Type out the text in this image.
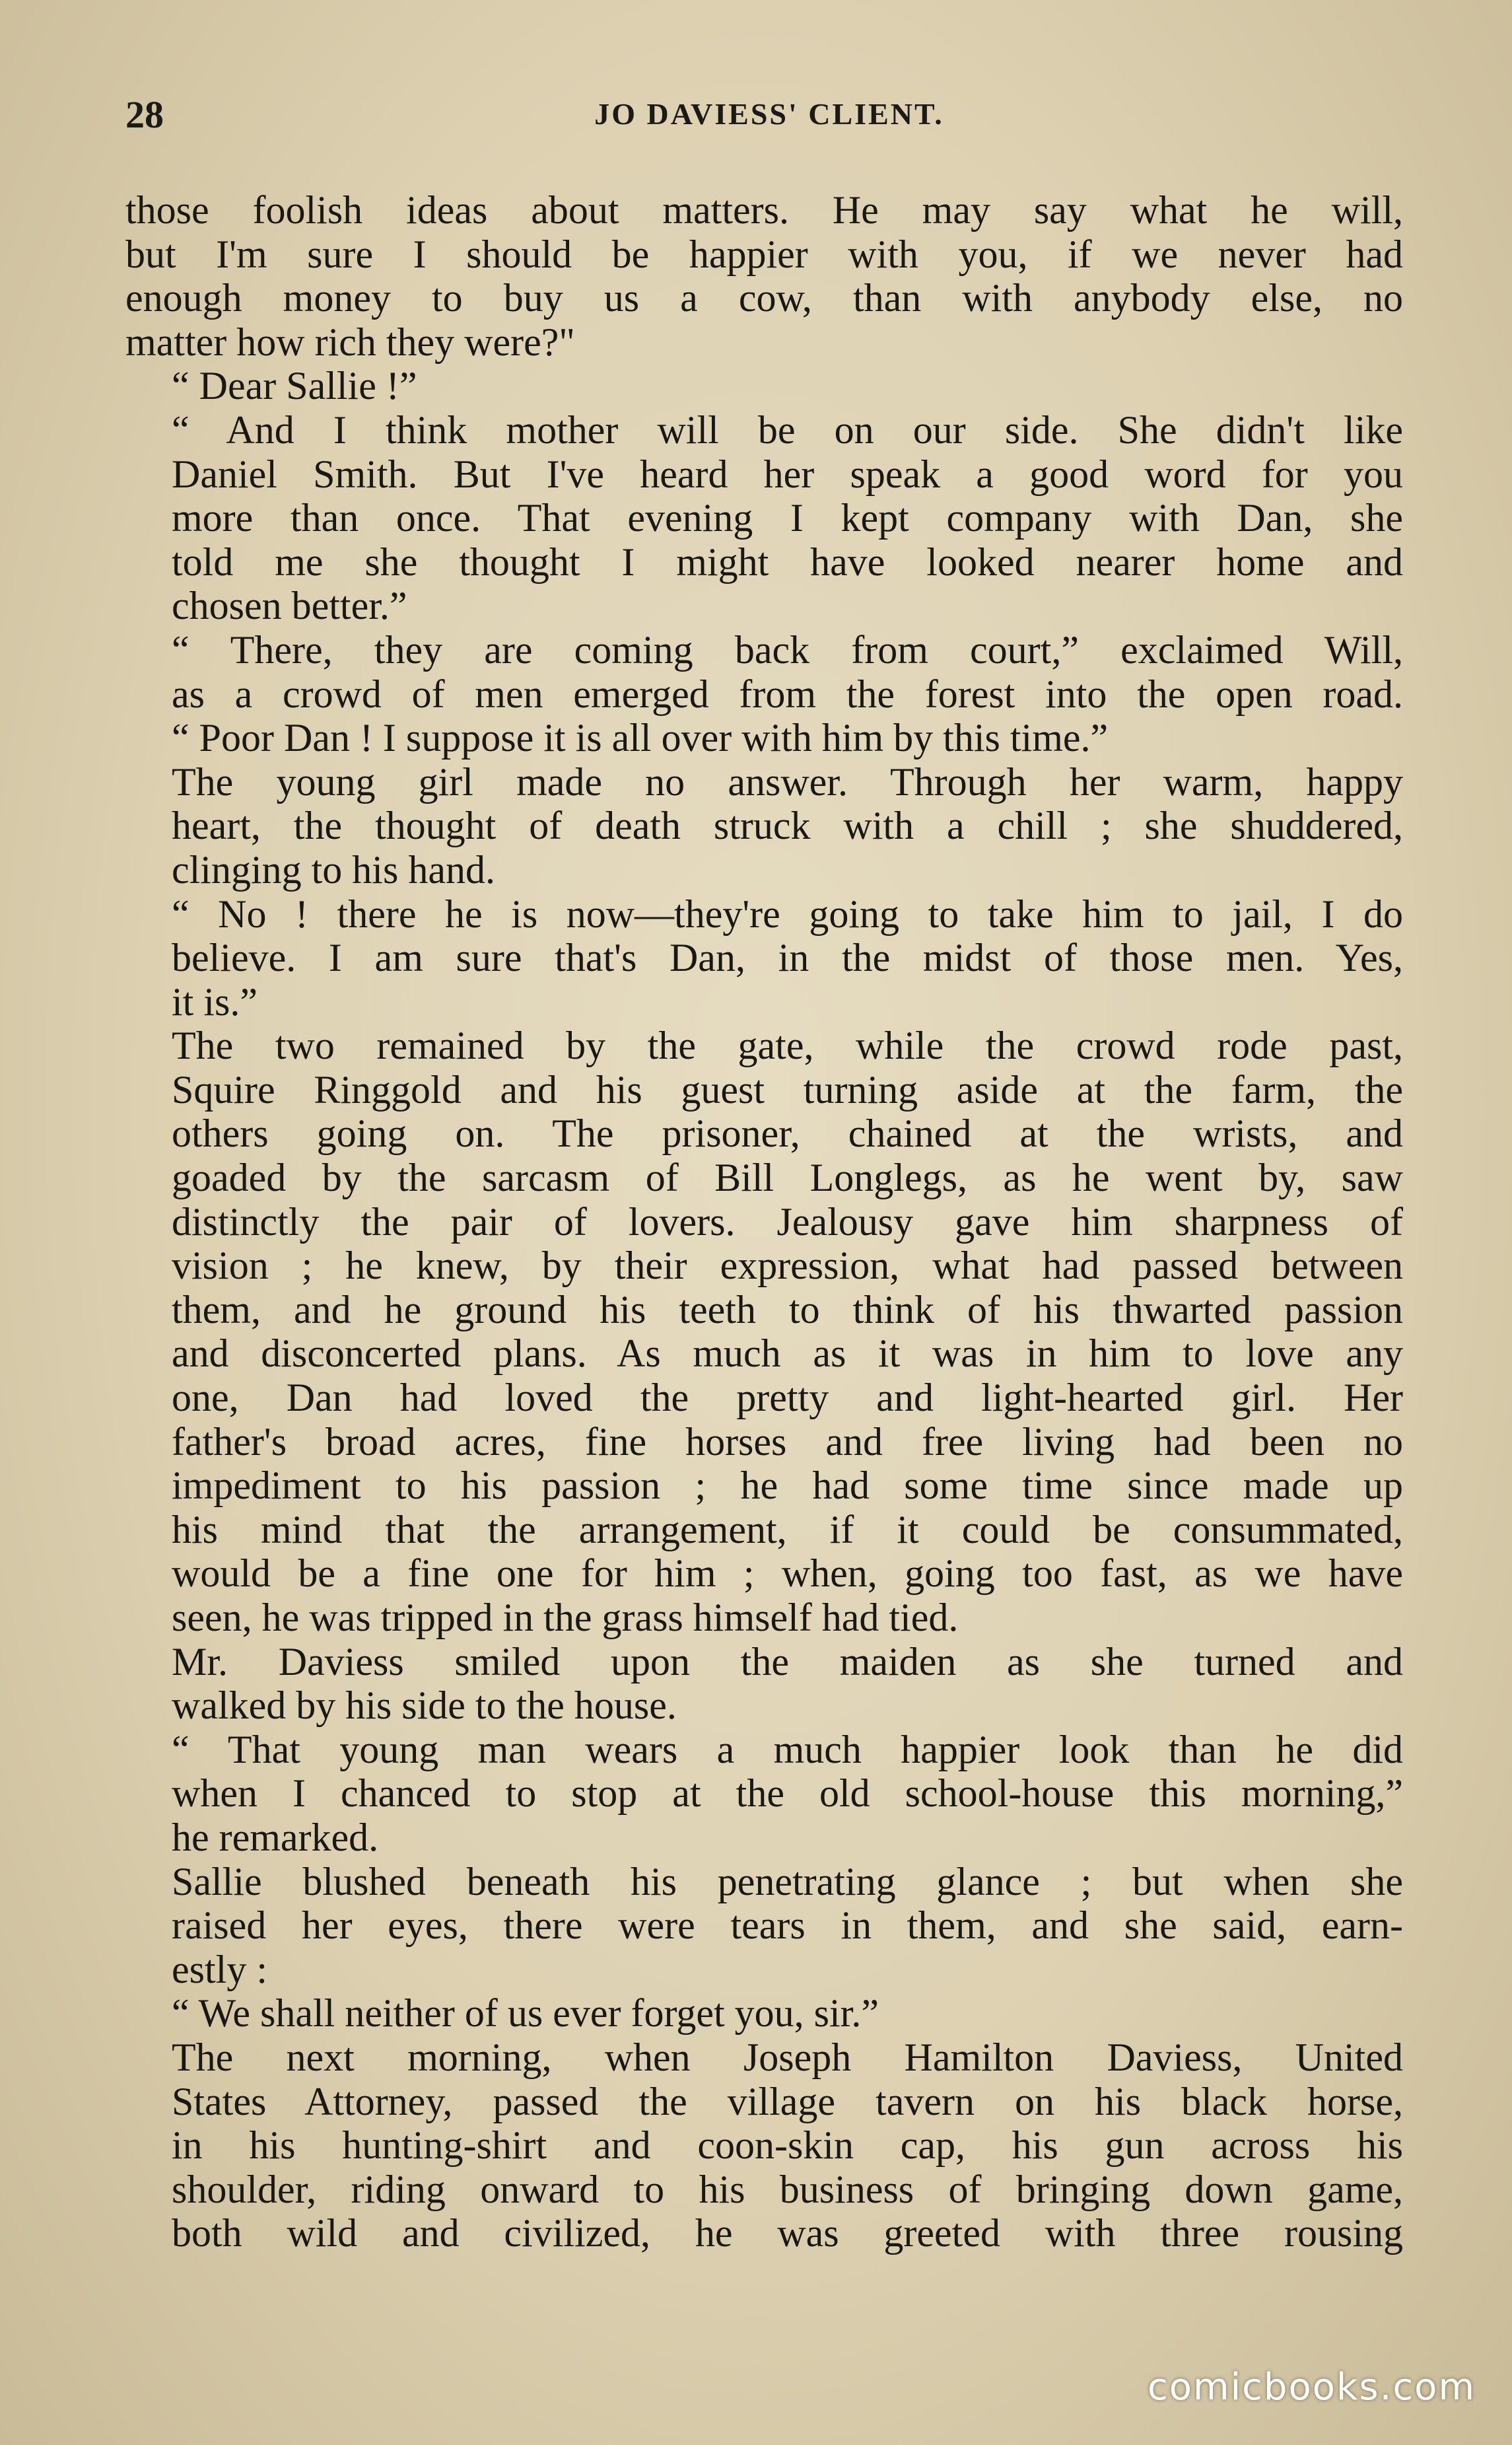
28	JO DAVIESS' CLIENT.

those foolish ideas about matters. He may say what he will,
but I'm sure I should be happier with you, if we never had
enough money to buy us a cow, than with anybody else, no
matter how rich they were?"

“ Dear Sallie !”

“ And I think mother will be on our side. She didn't like
Daniel Smith. But I've heard her speak a good word for you
more than once. That evening I kept company with Dan, she
told me she thought I might have looked nearer home and
chosen better.”

“ There, they are coming back from court,” exclaimed Will,
as a crowd of men emerged from the forest into the open road.
“ Poor Dan ! I suppose it is all over with him by this time.”

The young girl made no answer. Through her warm, happy
heart, the thought of death struck with a chill ; she shuddered,
clinging to his hand.

“ No ! there he is now—they're going to take him to jail, I do
believe. I am sure that's Dan, in the midst of those men. Yes,
it is.”

The two remained by the gate, while the crowd rode past,
Squire Ringgold and his guest turning aside at the farm, the
others going on. The prisoner, chained at the wrists, and
goaded by the sarcasm of Bill Longlegs, as he went by, saw
distinctly the pair of lovers. Jealousy gave him sharpness of
vision ; he knew, by their expression, what had passed between
them, and he ground his teeth to think of his thwarted passion
and disconcerted plans. As much as it was in him to love any
one, Dan had loved the pretty and light-hearted girl. Her
father's broad acres, fine horses and free living had been no
impediment to his passion ; he had some time since made up
his mind that the arrangement, if it could be consummated,
would be a fine one for him ; when, going too fast, as we have
seen, he was tripped in the grass himself had tied.

Mr. Daviess smiled upon the maiden as she turned and
walked by his side to the house.

“ That young man wears a much happier look than he did
when I chanced to stop at the old school-house this morning,”
he remarked.

Sallie blushed beneath his penetrating glance ; but when she
raised her eyes, there were tears in them, and she said, earn-
estly :

“ We shall neither of us ever forget you, sir.”

The next morning, when Joseph Hamilton Daviess, United
States Attorney, passed the village tavern on his black horse,
in his hunting-shirt and coon-skin cap, his gun across his
shoulder, riding onward to his business of bringing down game,
both wild and civilized, he was greeted with three rousing

comicbooks.com
